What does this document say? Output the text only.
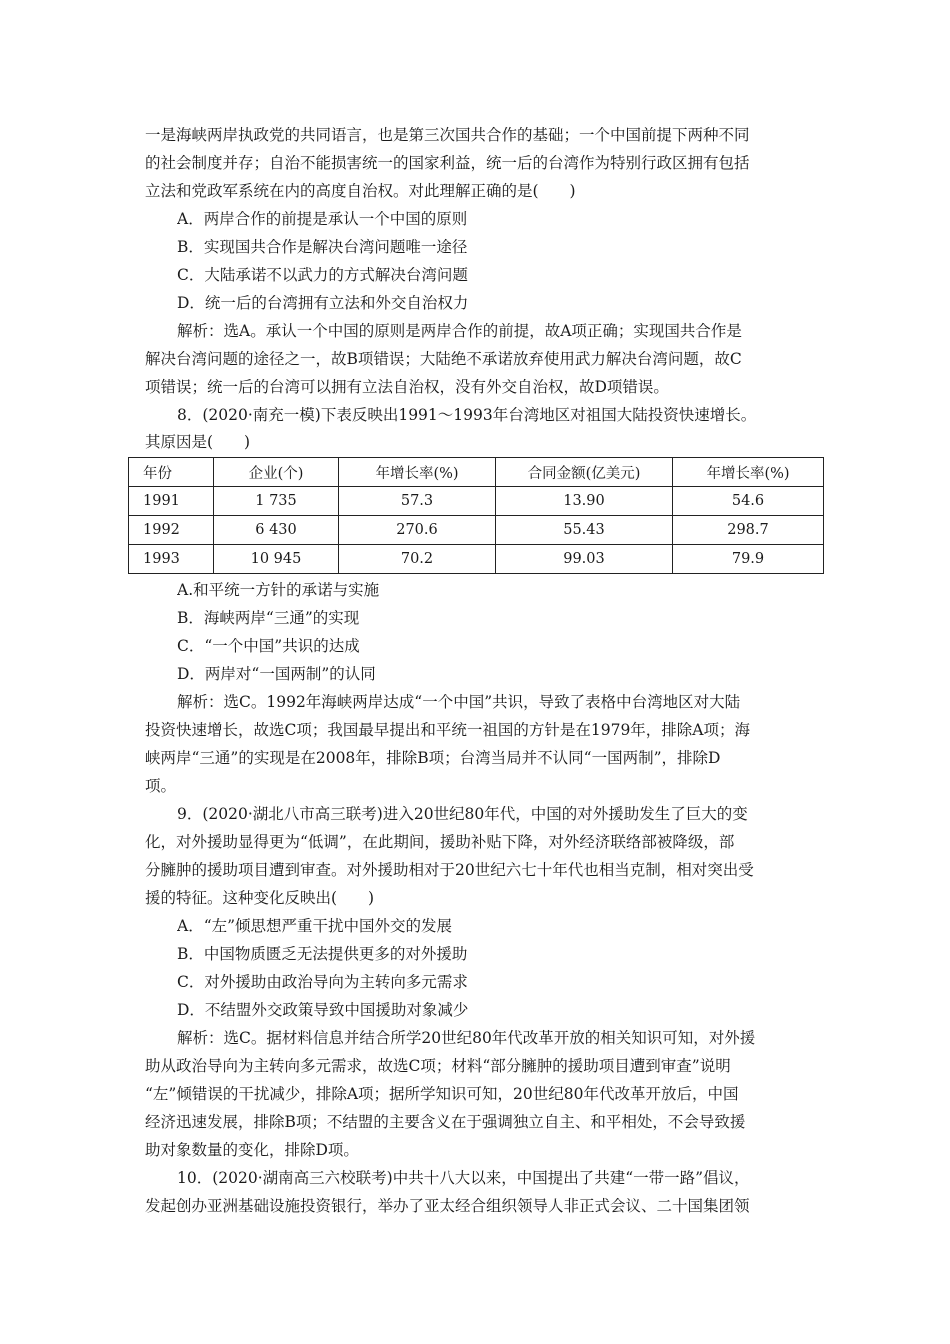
一是海峡两岸执政党的共同语言，也是第三次国共合作的基础；一个中国前提下两种不同
的社会制度并存；自治不能损害统一的国家利益，统一后的台湾作为特别行政区拥有包括
立法和党政军系统在内的高度自治权。对此理解正确的是(　　)
A．两岸合作的前提是承认一个中国的原则
B．实现国共合作是解决台湾问题唯一途径
C．大陆承诺不以武力的方式解决台湾问题
D．统一后的台湾拥有立法和外交自治权力
解析：选A。承认一个中国的原则是两岸合作的前提，故A项正确；实现国共合作是
解决台湾问题的途径之一，故B项错误；大陆绝不承诺放弃使用武力解决台湾问题，故C
项错误；统一后的台湾可以拥有立法自治权，没有外交自治权，故D项错误。
8．(2020·南充一模)下表反映出1991～1993年台湾地区对祖国大陆投资快速增长。
其原因是(　　)
年份	企业(个)	年增长率(%)	合同金额(亿美元)	年增长率(%)
1991	1 735	57.3	13.90	54.6
1992	6 430	270.6	55.43	298.7
1993	10 945	70.2	99.03	79.9
A.和平统一方针的承诺与实施
B．海峡两岸“三通”的实现
C．“一个中国”共识的达成
D．两岸对“一国两制”的认同
解析：选C。1992年海峡两岸达成“一个中国”共识，导致了表格中台湾地区对大陆
投资快速增长，故选C项；我国最早提出和平统一祖国的方针是在1979年，排除A项；海
峡两岸“三通”的实现是在2008年，排除B项；台湾当局并不认同“一国两制”，排除D
项。
9．(2020·湖北八市高三联考)进入20世纪80年代，中国的对外援助发生了巨大的变
化，对外援助显得更为“低调”，在此期间，援助补贴下降，对外经济联络部被降级，部
分臃肿的援助项目遭到审查。对外援助相对于20世纪六七十年代也相当克制，相对突出受
援的特征。这种变化反映出(　　)
A．“左”倾思想严重干扰中国外交的发展
B．中国物质匮乏无法提供更多的对外援助
C．对外援助由政治导向为主转向多元需求
D．不结盟外交政策导致中国援助对象减少
解析：选C。据材料信息并结合所学20世纪80年代改革开放的相关知识可知，对外援
助从政治导向为主转向多元需求，故选C项；材料“部分臃肿的援助项目遭到审查”说明
“左”倾错误的干扰减少，排除A项；据所学知识可知，20世纪80年代改革开放后，中国
经济迅速发展，排除B项；不结盟的主要含义在于强调独立自主、和平相处，不会导致援
助对象数量的变化，排除D项。
10．(2020·湖南高三六校联考)中共十八大以来，中国提出了共建“一带一路”倡议，
发起创办亚洲基础设施投资银行，举办了亚太经合组织领导人非正式会议、二十国集团领
